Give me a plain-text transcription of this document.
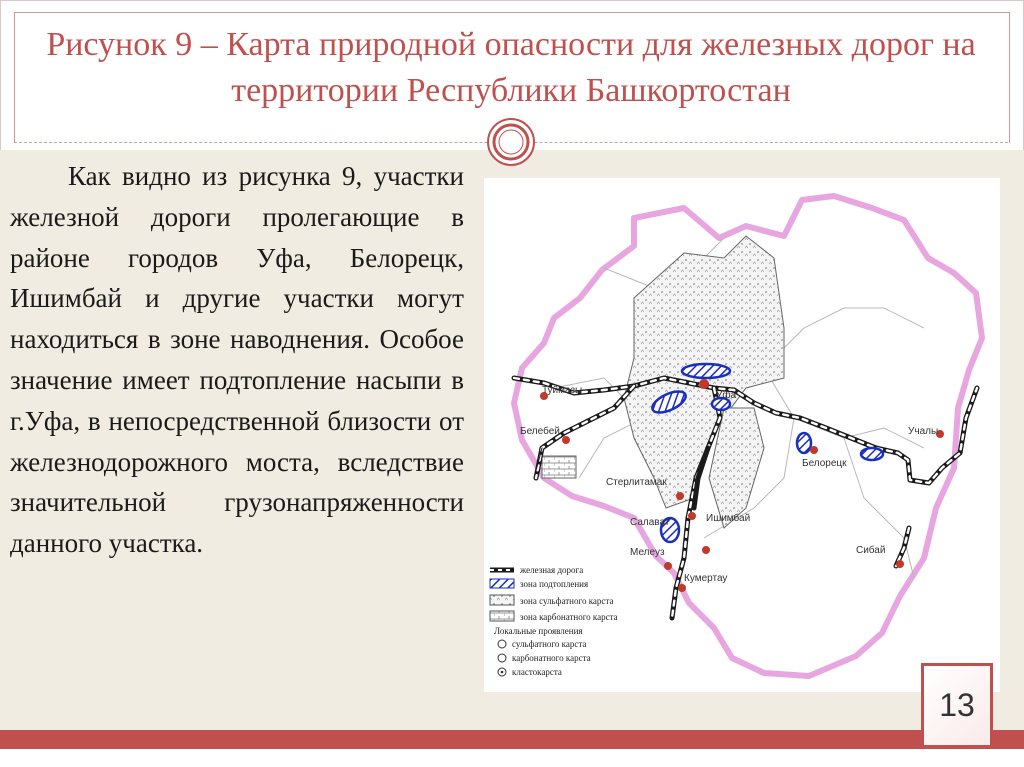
Рисунок 9 – Карта природной опасности для железных дорог на территории Республики Башкортостан
Как видно из рисунка 9, участки железной дороги пролегающие в районе городов Уфа, Белорецк, Ишимбай и другие участки могут находиться в зоне наводнения. Особое значение имеет подтопление насыпи в г.Уфа, в непосредственной близости от железнодорожного моста, вследствие значительной грузонапряженности данного участка.
Туймазы
Белебей
Уфа
Стерлитамак
Салават	Ишимбай
Мелеуз
Кумертау
Белорецк
Учалы
Сибай
железная дорога
зона подтопления
зона сульфатного карста
зона карбонатного карста
Локальные проявления
сульфатного карста
карбонатного карста
кластокарста
13
